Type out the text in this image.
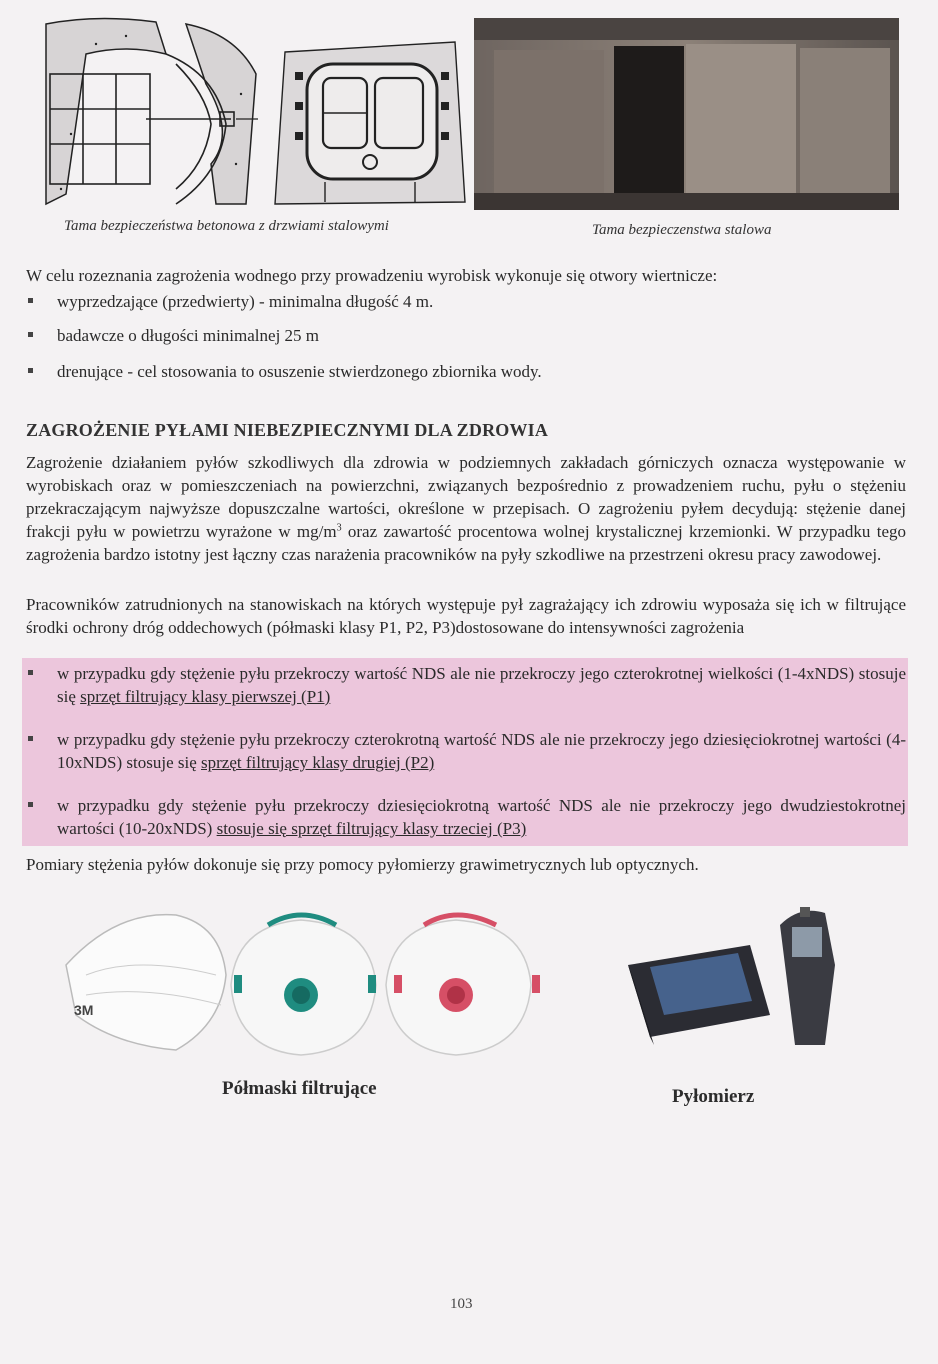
Tama bezpieczeństwa betonowa z drzwiami stalowymi	Tama bezpieczenstwa stalowa
W celu rozeznania zagrożenia wodnego przy prowadzeniu wyrobisk wykonuje się otwory wiertnicze:
wyprzedzające (przedwierty) - minimalna długość 4 m.
badawcze o długości minimalnej 25 m
drenujące - cel stosowania to osuszenie stwierdzonego zbiornika wody.
ZAGROŻENIE PYŁAMI NIEBEZPIECZNYMI DLA ZDROWIA
Zagrożenie działaniem pyłów szkodliwych dla zdrowia w podziemnych zakładach górniczych oznacza występowanie w wyrobiskach oraz w pomieszczeniach na powierzchni, związanych bezpośrednio z prowadzeniem ruchu, pyłu o stężeniu przekraczającym najwyższe dopuszczalne wartości, określone w przepisach. O zagrożeniu pyłem decydują: stężenie danej frakcji pyłu w powietrzu wyrażone w $mg/m^3$ oraz zawartość procentowa wolnej krystalicznej krzemionki. W przypadku tego zagrożenia bardzo istotny jest łączny czas narażenia pracowników na pyły szkodliwe na przestrzeni okresu pracy zawodowej.
Pracowników zatrudnionych na stanowiskach na których występuje pył zagrażający ich zdrowiu wyposaża się ich w filtrujące środki ochrony dróg oddechowych (półmaski klasy P1, P2, P3)dostosowane do intensywności zagrożenia
w przypadku gdy stężenie pyłu przekroczy wartość NDS ale nie przekroczy jego czterokrotnej wielkości (1-4xNDS) stosuje się sprzęt filtrujący klasy pierwszej (P1)
w przypadku gdy stężenie pyłu przekroczy czterokrotną wartość NDS ale nie przekroczy jego dziesięciokrotnej wartości (4-10xNDS) stosuje się sprzęt filtrujący klasy drugiej (P2)
w przypadku gdy stężenie pyłu przekroczy dziesięciokrotną wartość NDS ale nie przekroczy jego dwudziestokrotnej wartości (10-20xNDS) stosuje się sprzęt filtrujący klasy trzeciej (P3)
Pomiary stężenia pyłów dokonuje się przy pomocy pyłomierzy grawimetrycznych lub optycznych.
3M
Półmaski filtrujące	Pyłomierz
103
